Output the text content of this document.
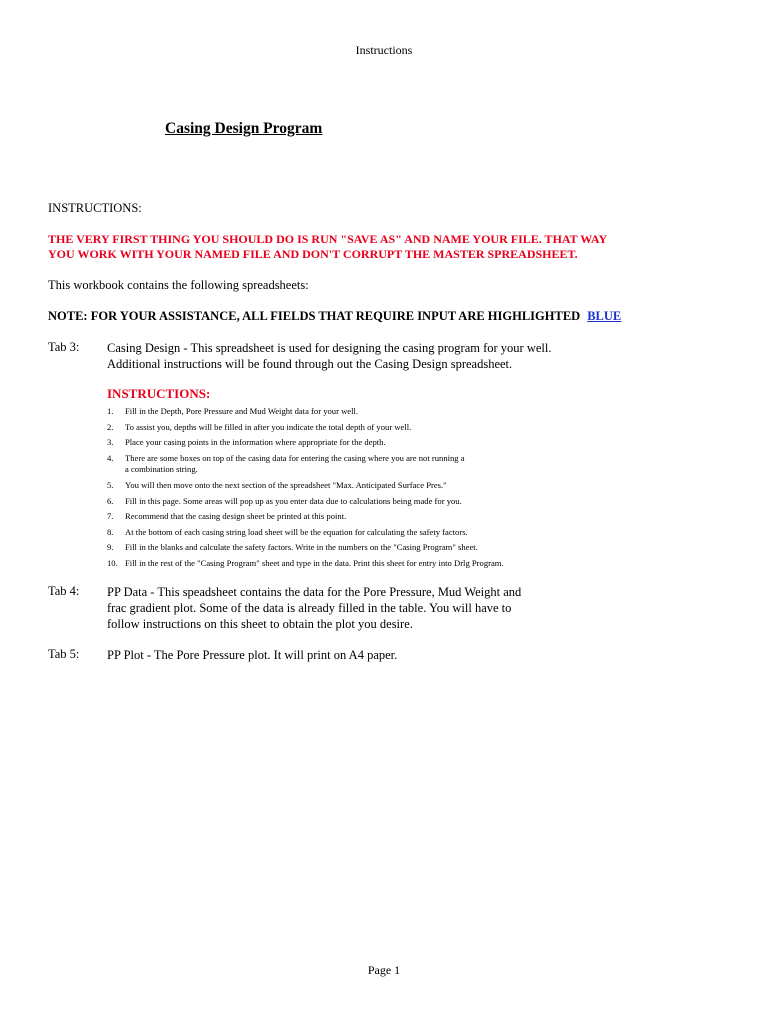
Instructions
Casing Design Program
INSTRUCTIONS:
THE VERY FIRST THING YOU SHOULD DO IS RUN "SAVE AS" AND NAME YOUR FILE. THAT WAY
YOU WORK WITH YOUR NAMED FILE AND DON'T CORRUPT THE MASTER SPREADSHEET.
This workbook contains the following spreadsheets:
NOTE: FOR YOUR ASSISTANCE, ALL FIELDS THAT REQUIRE INPUT ARE HIGHLIGHTED BLUE
Tab 3: Casing Design - This spreadsheet is used for designing the casing program for your well.
Additional instructions will be found through out the Casing Design spreadsheet.
INSTRUCTIONS:
1. Fill in the Depth, Pore Pressure and Mud Weight data for your well.
2. To assist you, depths will be filled in after you indicate the total depth of your well.
3. Place your casing points in the information where appropriate for the depth.
4. There are some boxes on top of the casing data for entering the casing where you are not running a
a combination string.
5. You will then move onto the next section of the spreadsheet "Max. Anticipated Surface Pres."
6. Fill in this page. Some areas will pop up as you enter data due to calculations being made for you.
7. Recommend that the casing design sheet be printed at this point.
8. At the bottom of each casing string load sheet will be the equation for calculating the safety factors.
9. Fill in the blanks and calculate the safety factors. Write in the numbers on the "Casing Program" sheet.
10. Fill in the rest of the "Casing Program" sheet and type in the data. Print this sheet for entry into Drlg Program.
Tab 4: PP Data - This speadsheet contains the data for the Pore Pressure, Mud Weight and
frac gradient plot. Some of the data is already filled in the table. You will have to
follow instructions on this sheet to obtain the plot you desire.
Tab 5: PP Plot - The Pore Pressure plot. It will print on A4 paper.
Page 1
